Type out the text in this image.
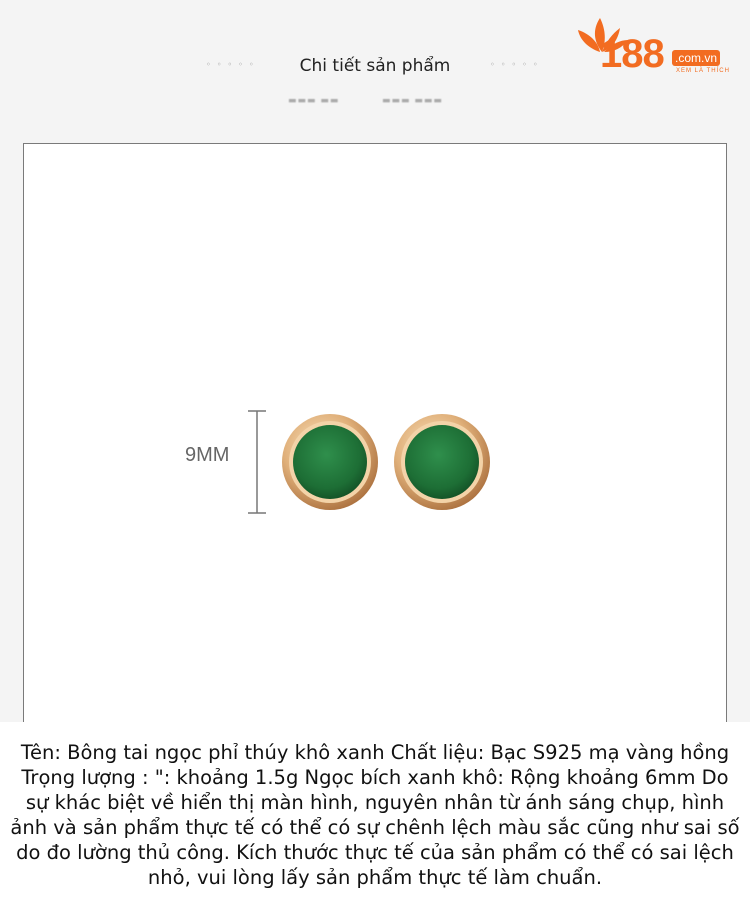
◦◦◦◦◦	Chi tiết sản phẩm	◦◦◦◦◦
▬▬▬ ▬▬	▬▬▬ ▬▬▬
188 .com.vn
XEM LÀ THÍCH
9MM
Tên: Bông tai ngọc phỉ thúy khô xanh Chất liệu: Bạc S925 mạ vàng hồng Trọng lượng : ": khoảng 1.5g Ngọc bích xanh khô: Rộng khoảng 6mm Do sự khác biệt về hiển thị màn hình, nguyên nhân từ ánh sáng chụp, hình ảnh và sản phẩm thực tế có thể có sự chênh lệch màu sắc cũng như sai số do đo lường thủ công. Kích thước thực tế của sản phẩm có thể có sai lệch nhỏ, vui lòng lấy sản phẩm thực tế làm chuẩn.
